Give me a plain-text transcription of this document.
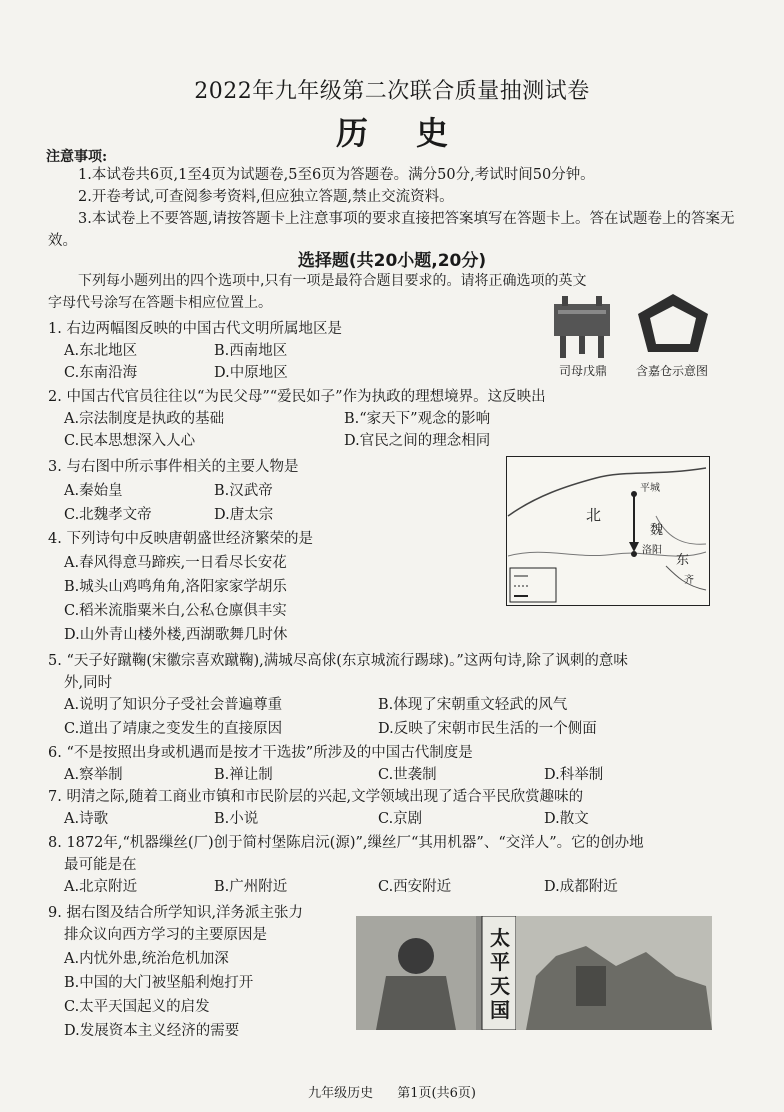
2022年九年级第二次联合质量抽测试卷
历史
注意事项:
1.本试卷共6页,1至4页为试题卷,5至6页为答题卷。满分50分,考试时间50分钟。
2.开卷考试,可查阅参考资料,但应独立答题,禁止交流资料。
3.本试卷上不要答题,请按答题卡上注意事项的要求直接把答案填写在答题卡上。答在试题卷上的答案无效。
选择题(共20小题,20分)
下列每小题列出的四个选项中,只有一项是最符合题目要求的。请将正确选项的英文字母代号涂写在答题卡相应位置上。
司母戊鼎	含嘉仓示意图
北
魏
平城
洛阳
东
齐
太平天国
1. 右边两幅图反映的中国古代文明所属地区是
A.东北地区	B.西南地区
C.东南沿海	D.中原地区
2. 中国古代官员往往以“为民父母”“爱民如子”作为执政的理想境界。这反映出
A.宗法制度是执政的基础	B.“家天下”观念的影响
C.民本思想深入人心	D.官民之间的理念相同
3. 与右图中所示事件相关的主要人物是
A.秦始皇	B.汉武帝
C.北魏孝文帝	D.唐太宗
4. 下列诗句中反映唐朝盛世经济繁荣的是
A.春风得意马蹄疾,一日看尽长安花
B.城头山鸡鸣角角,洛阳家家学胡乐
C.稻米流脂粟米白,公私仓廪俱丰实
D.山外青山楼外楼,西湖歌舞几时休
5. “天子好蹴鞠(宋徽宗喜欢蹴鞠),满城尽高俅(东京城流行踢球)。”这两句诗,除了讽刺的意味
外,同时
A.说明了知识分子受社会普遍尊重	B.体现了宋朝重文轻武的风气
C.道出了靖康之变发生的直接原因	D.反映了宋朝市民生活的一个侧面
6. “不是按照出身或机遇而是按才干选拔”所涉及的中国古代制度是
A.察举制	B.禅让制	C.世袭制	D.科举制
7. 明清之际,随着工商业市镇和市民阶层的兴起,文学领域出现了适合平民欣赏趣味的
A.诗歌	B.小说	C.京剧	D.散文
8. 1872年,“机器缫丝(厂)创于简村堡陈启沅(源)”,缫丝厂“其用机器”、“交洋人”。它的创办地
最可能是在
A.北京附近	B.广州附近	C.西安附近	D.成都附近
9. 据右图及结合所学知识,洋务派主张力
排众议向西方学习的主要原因是
A.内忧外患,统治危机加深
B.中国的大门被坚船利炮打开
C.太平天国起义的启发
D.发展资本主义经济的需要
九年级历史 第1页(共6页)
